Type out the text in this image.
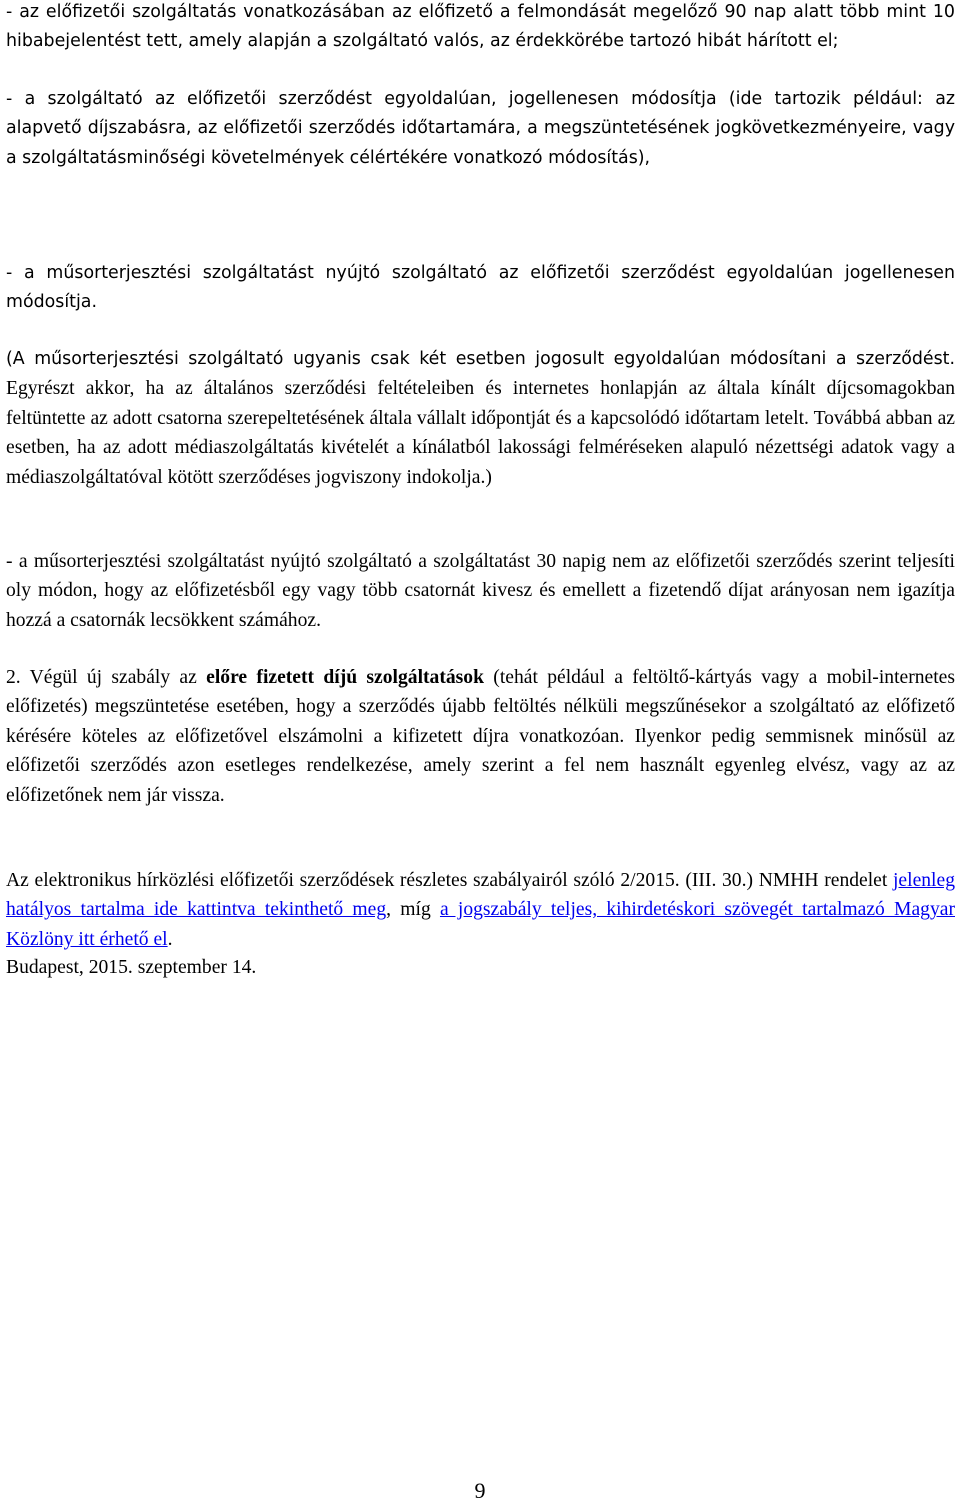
- az előfizetői szolgáltatás vonatkozásában az előfizető a felmondását megelőző 90 nap alatt több mint 10 hibabejelentést tett, amely alapján a szolgáltató valós, az érdekkörébe tartozó hibát hárított el;

- a szolgáltató az előfizetői szerződést egyoldalúan, jogellenesen módosítja (ide tartozik például: az alapvető díjszabásra, az előfizetői szerződés időtartamára, a megszüntetésének jogkövetkezményeire, vagy a szolgáltatásminőségi követelmények célértékére vonatkozó módosítás),

- a műsorterjesztési szolgáltatást nyújtó szolgáltató az előfizetői szerződést egyoldalúan jogellenesen módosítja.

(A műsorterjesztési szolgáltató ugyanis csak két esetben jogosult egyoldalúan módosítani a szerződést. Egyrészt akkor, ha az általános szerződési feltételeiben és internetes honlapján az általa kínált díjcsomagokban feltüntette az adott csatorna szerepeltetésének általa vállalt időpontját és a kapcsolódó időtartam letelt. Továbbá abban az esetben, ha az adott médiaszolgáltatás kivételét a kínálatból lakossági felméréseken alapuló nézettségi adatok vagy a médiaszolgáltatóval kötött szerződéses jogviszony indokolja.)

- a műsorterjesztési szolgáltatást nyújtó szolgáltató a szolgáltatást 30 napig nem az előfizetői szerződés szerint teljesíti oly módon, hogy az előfizetésből egy vagy több csatornát kivesz és emellett a fizetendő díjat arányosan nem igazítja hozzá a csatornák lecsökkent számához.

2. Végül új szabály az előre fizetett díjú szolgáltatások (tehát például a feltöltő-kártyás vagy a mobil-internetes előfizetés) megszüntetése esetében, hogy a szerződés újabb feltöltés nélküli megszűnésekor a szolgáltató az előfizető kérésére köteles az előfizetővel elszámolni a kifizetett díjra vonatkozóan. Ilyenkor pedig semmisnek minősül az előfizetői szerződés azon esetleges rendelkezése, amely szerint a fel nem használt egyenleg elvész, vagy az az előfizetőnek nem jár vissza.

Az elektronikus hírközlési előfizetői szerződések részletes szabályairól szóló 2/2015. (III. 30.) NMHH rendelet jelenleg hatályos tartalma ide kattintva tekinthető meg, míg a jogszabály teljes, kihirdetéskori szövegét tartalmazó Magyar Közlöny itt érhető el.

Budapest, 2015. szeptember 14.

9
